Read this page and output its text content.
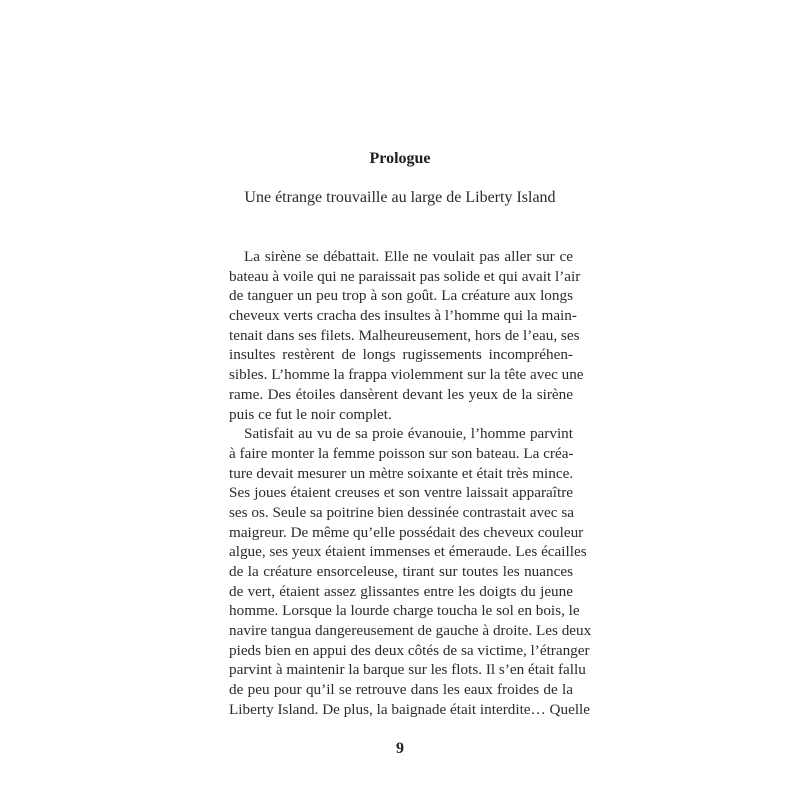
Prologue
Une étrange trouvaille au large de Liberty Island
La sirène se débattait. Elle ne voulait pas aller sur ce
bateau à voile qui ne paraissait pas solide et qui avait l’air
de tanguer un peu trop à son goût. La créature aux longs
cheveux verts cracha des insultes à l’homme qui la main-
tenait dans ses filets. Malheureusement, hors de l’eau, ses
insultes restèrent de longs rugissements incompréhen-
sibles. L’homme la frappa violemment sur la tête avec une
rame. Des étoiles dansèrent devant les yeux de la sirène
puis ce fut le noir complet.
Satisfait au vu de sa proie évanouie, l’homme parvint
à faire monter la femme poisson sur son bateau. La créa-
ture devait mesurer un mètre soixante et était très mince.
Ses joues étaient creuses et son ventre laissait apparaître
ses os. Seule sa poitrine bien dessinée contrastait avec sa
maigreur. De même qu’elle possédait des cheveux couleur
algue, ses yeux étaient immenses et émeraude. Les écailles
de la créature ensorceleuse, tirant sur toutes les nuances
de vert, étaient assez glissantes entre les doigts du jeune
homme. Lorsque la lourde charge toucha le sol en bois, le
navire tangua dangereusement de gauche à droite. Les deux
pieds bien en appui des deux côtés de sa victime, l’étranger
parvint à maintenir la barque sur les flots. Il s’en était fallu
de peu pour qu’il se retrouve dans les eaux froides de la
Liberty Island. De plus, la baignade était interdite… Quelle
9
